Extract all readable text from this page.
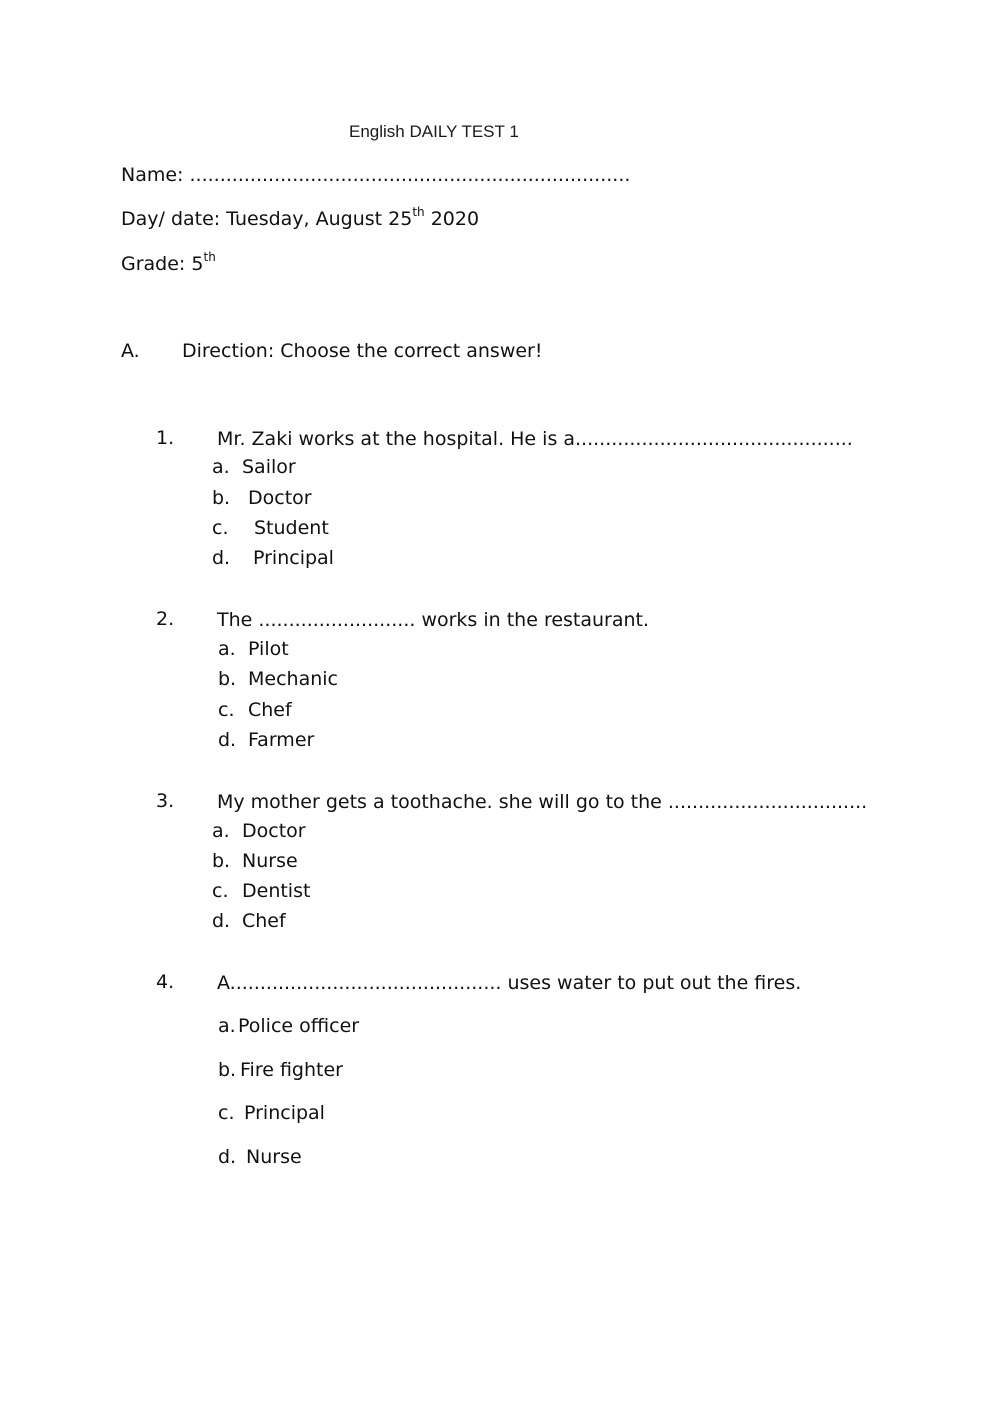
English DAILY TEST 1
Name: .........................................................................
Day/ date: Tuesday, August 25th 2020
Grade: 5th
A. Direction: Choose the correct answer!
1. Mr. Zaki works at the hospital. He is a..............................................
a. Sailor
b. Doctor
c. Student
d. Principal
2. The .......................... works in the restaurant.
a. Pilot
b. Mechanic
c. Chef
d. Farmer
3. My mother gets a toothache. she will go to the .................................
a. Doctor
b. Nurse
c. Dentist
d. Chef
4. A............................................. uses water to put out the fires.
a. Police officer
b. Fire fighter
c. Principal
d. Nurse
